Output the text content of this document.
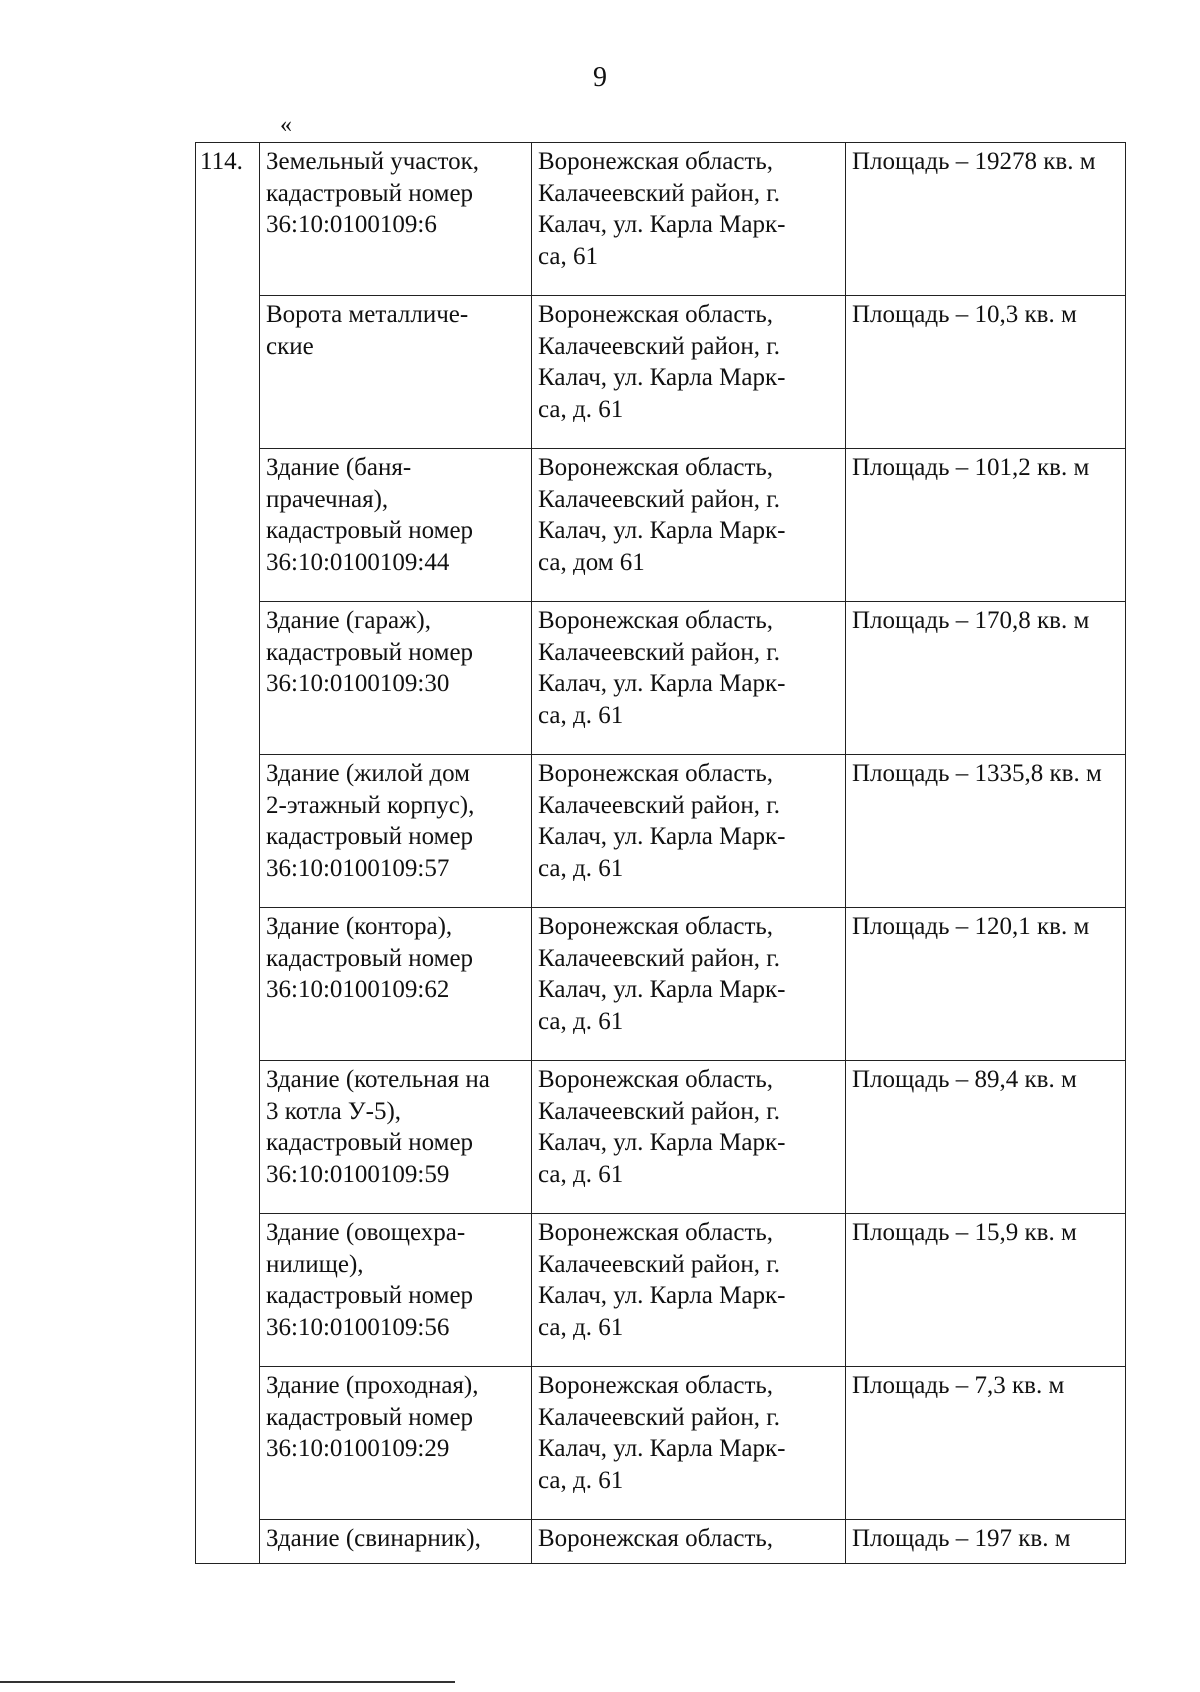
9
«
114.	Земельный участок,
кадастровый номер
36:10:0100109:6	Воронежская область,
Калачеевский район, г.
Калач, ул. Карла Марк-
са, 61	Площадь – 19278 кв. м

	Ворота металличе-
ские	Воронежская область,
Калачеевский район, г.
Калач, ул. Карла Марк-
са, д. 61	Площадь – 10,3 кв. м

	Здание (баня-
прачечная),
кадастровый номер
36:10:0100109:44	Воронежская область,
Калачеевский район, г.
Калач, ул. Карла Марк-
са, дом 61	Площадь – 101,2 кв. м

	Здание (гараж),
кадастровый номер
36:10:0100109:30	Воронежская область,
Калачеевский район, г.
Калач, ул. Карла Марк-
са, д. 61	Площадь – 170,8 кв. м

	Здание (жилой дом
2-этажный корпус),
кадастровый номер
36:10:0100109:57	Воронежская область,
Калачеевский район, г.
Калач, ул. Карла Марк-
са, д. 61	Площадь – 1335,8 кв. м

	Здание (контора),
кадастровый номер
36:10:0100109:62	Воронежская область,
Калачеевский район, г.
Калач, ул. Карла Марк-
са, д. 61	Площадь – 120,1 кв. м

	Здание (котельная на
3 котла У-5),
кадастровый номер
36:10:0100109:59	Воронежская область,
Калачеевский район, г.
Калач, ул. Карла Марк-
са, д. 61	Площадь – 89,4 кв. м

	Здание (овощехра-
нилище),
кадастровый номер
36:10:0100109:56	Воронежская область,
Калачеевский район, г.
Калач, ул. Карла Марк-
са, д. 61	Площадь – 15,9 кв. м

	Здание (проходная),
кадастровый номер
36:10:0100109:29	Воронежская область,
Калачеевский район, г.
Калач, ул. Карла Марк-
са, д. 61	Площадь – 7,3 кв. м

	Здание (свинарник),	Воронежская область,	Площадь – 197 кв. м
